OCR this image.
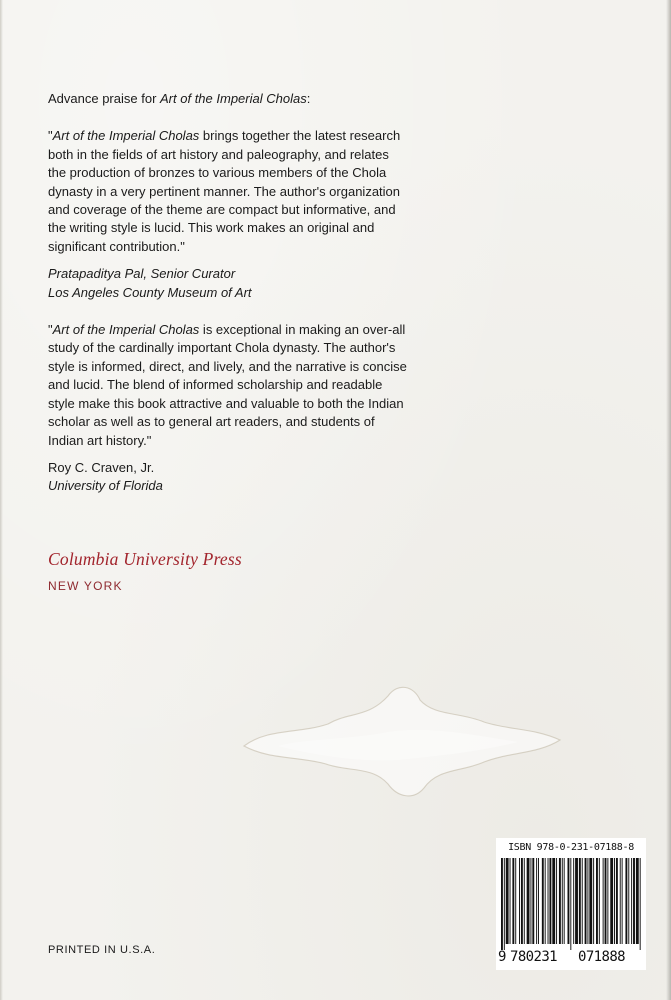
Advance praise for Art of the Imperial Cholas:

"Art of the Imperial Cholas brings together the latest research both in the fields of art history and paleography, and relates the production of bronzes to various members of the Chola dynasty in a very pertinent manner. The author's organization and coverage of the theme are compact but informative, and the writing style is lucid. This work makes an original and significant contribution."

Pratapaditya Pal, Senior Curator
Los Angeles County Museum of Art

"Art of the Imperial Cholas is exceptional in making an over-all study of the cardinally important Chola dynasty. The author's style is informed, direct, and lively, and the narrative is concise and lucid. The blend of informed scholarship and readable style make this book attractive and valuable to both the Indian scholar as well as to general art readers, and students of Indian art history."

Roy C. Craven, Jr.
University of Florida

Columbia University Press
NEW YORK
PRINTED IN U.S.A.
ISBN 978-0-231-07188-8
9 780231 071888
